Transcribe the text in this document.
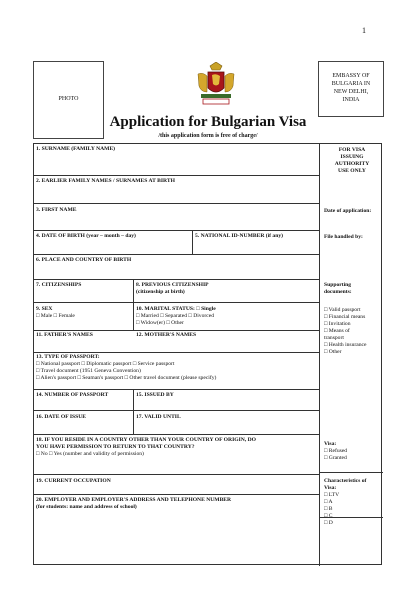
1
PHOTO
EMBASSY OF
BULGARIA IN
NEW DELHI,
INDIA
Application for Bulgarian Visa
/this application form is free of charge/
1. SURNAME (FAMILY NAME)
2. EARLIER FAMILY NAMES / SURNAMES AT BIRTH
3. FIRST NAME
4. DATE OF BIRTH (year – month – day)	5. NATIONAL ID-NUMBER (if any)
6. PLACE AND COUNTRY OF BIRTH
7. CITIZENSHIPS	8. PREVIOUS CITIZENSHIP
(citizenship at birth)
9. SEX
□ Male □ Female
10. MARITAL STATUS: □ Single
□ Married □ Separated □ Divorced
□ Widow(er) □ Other
11. FATHER'S NAMES	12. MOTHER'S NAMES
13. TYPE OF PASSPORT:
□ National passport □ Diplomatic passport □ Service passport
□ Travel document (1951 Geneva Convention)
□ Alien's passport □ Seaman's passport □ Other travel document (please specify)
14. NUMBER OF PASSPORT	15. ISSUED BY
16. DATE OF ISSUE	17. VALID UNTIL
18. IF YOU RESIDE IN A COUNTRY OTHER THAN YOUR COUNTRY OF ORIGIN, DO
YOU HAVE PERMISSION TO RETURN TO THAT COUNTRY?
□ No □ Yes (number and validity of permission)
19. CURRENT OCCUPATION
20. EMPLOYER AND EMPLOYER'S ADDRESS AND TELEPHONE NUMBER
(for students: name and address of school)
FOR VISA
ISSUING
AUTHORITY
USE ONLY
Date of application:
File handled by:
Supporting
documents:
□ Valid passport
□ Financial means
□ Invitation
□ Means of
transport
□ Health insurance
□ Other
Visa:
□ Refused
□ Granted
Characteristics of
Visa:
□ LTV
□ A
□ B
□ C
□ D
